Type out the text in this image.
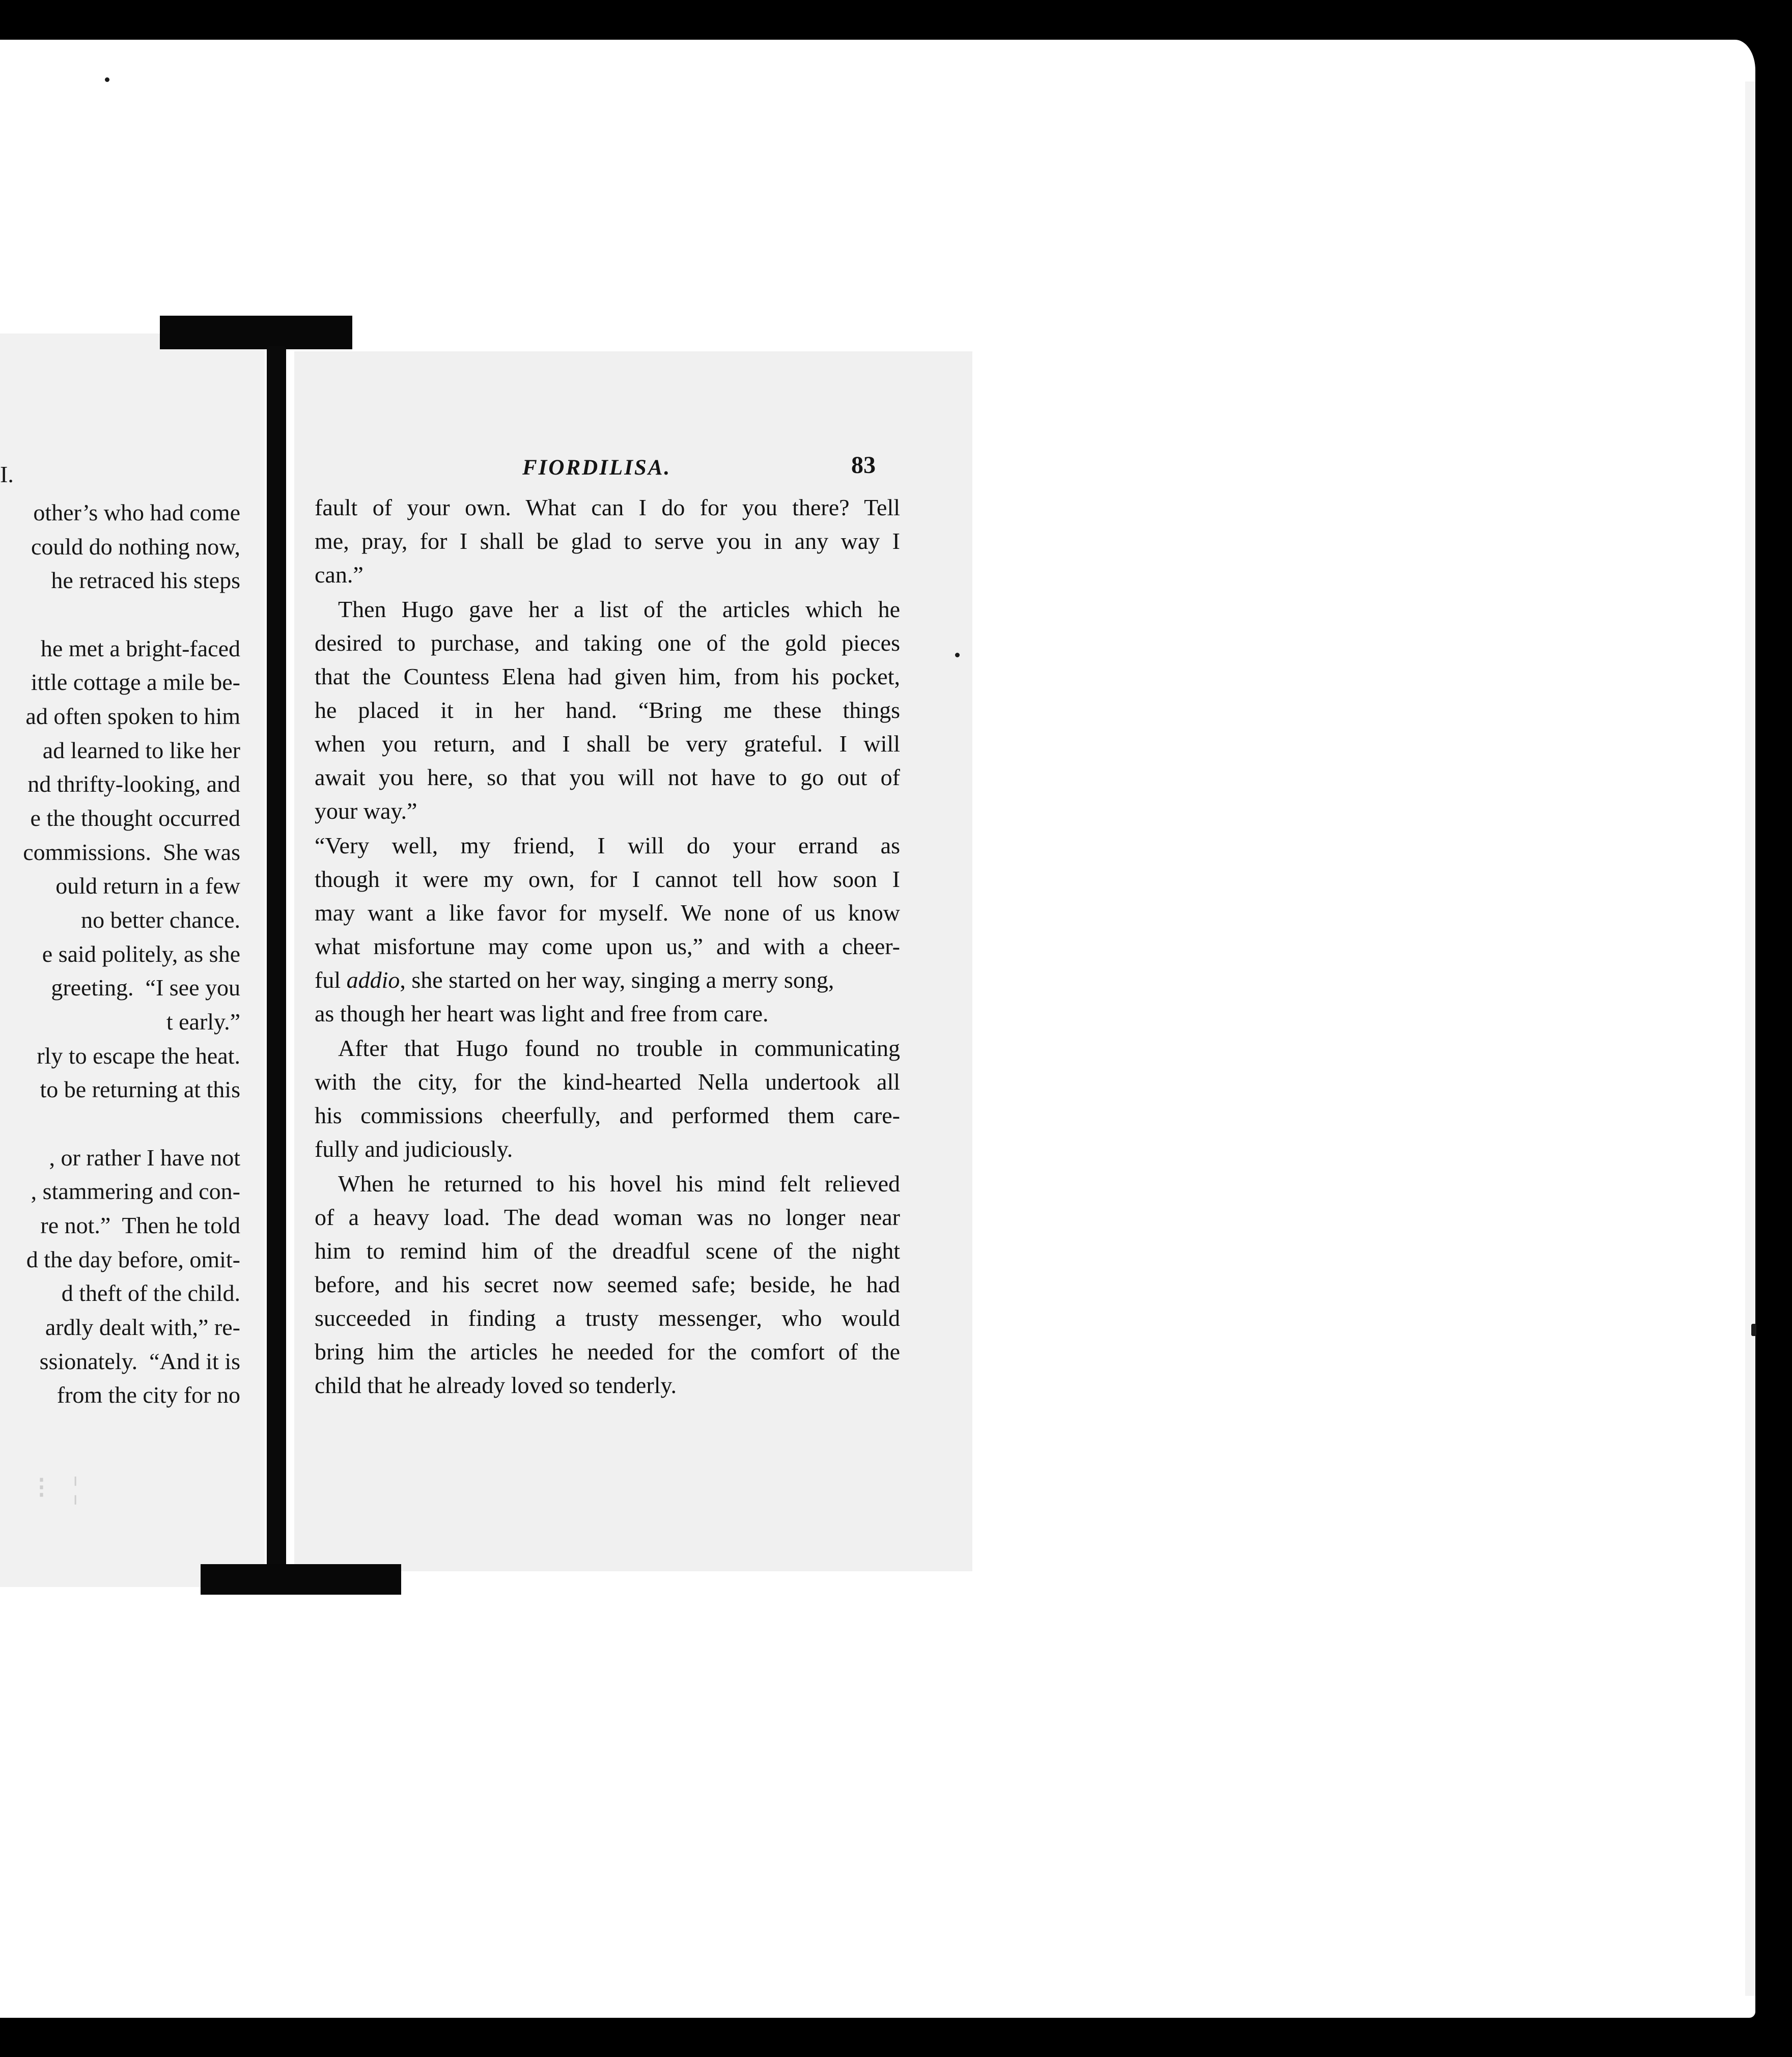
I.
other’s who had come
could do nothing now,
he retraced his steps
he met a bright-faced
ittle cottage a mile be-
ad often spoken to him
ad learned to like her
nd thrifty-looking, and
e the thought occurred
commissions.  She was
ould return in a few
no better chance.
e said politely, as she
greeting.  “I see you
t early.”
rly to escape the heat.
to be returning at this
, or rather I have not
, stammering and con-
re not.”  Then he told
d the day before, omit-
d theft of the child.
ardly dealt with,” re-
ssionately.  “And it is
from the city for no
⁝ ¦
FIORDILISA.	83
fault of your own. What can I do for you there? Tell
me, pray, for I shall be glad to serve you in any way I
can.”
Then Hugo gave her a list of the articles which he
desired to purchase, and taking one of the gold pieces
that the Countess Elena had given him, from his pocket,
he placed it in her hand. “Bring me these things
when you return, and I shall be very grateful. I will
await you here, so that you will not have to go out of
your way.”
“Very well, my friend, I will do your errand as
though it were my own, for I cannot tell how soon I
may want a like favor for myself. We none of us know
what misfortune may come upon us,” and with a cheer-
ful addio, she started on her way, singing a merry song,
as though her heart was light and free from care.
After that Hugo found no trouble in communicating
with the city, for the kind-hearted Nella undertook all
his commissions cheerfully, and performed them care-
fully and judiciously.
When he returned to his hovel his mind felt relieved
of a heavy load. The dead woman was no longer near
him to remind him of the dreadful scene of the night
before, and his secret now seemed safe; beside, he had
succeeded in finding a trusty messenger, who would
bring him the articles he needed for the comfort of the
child that he already loved so tenderly.
